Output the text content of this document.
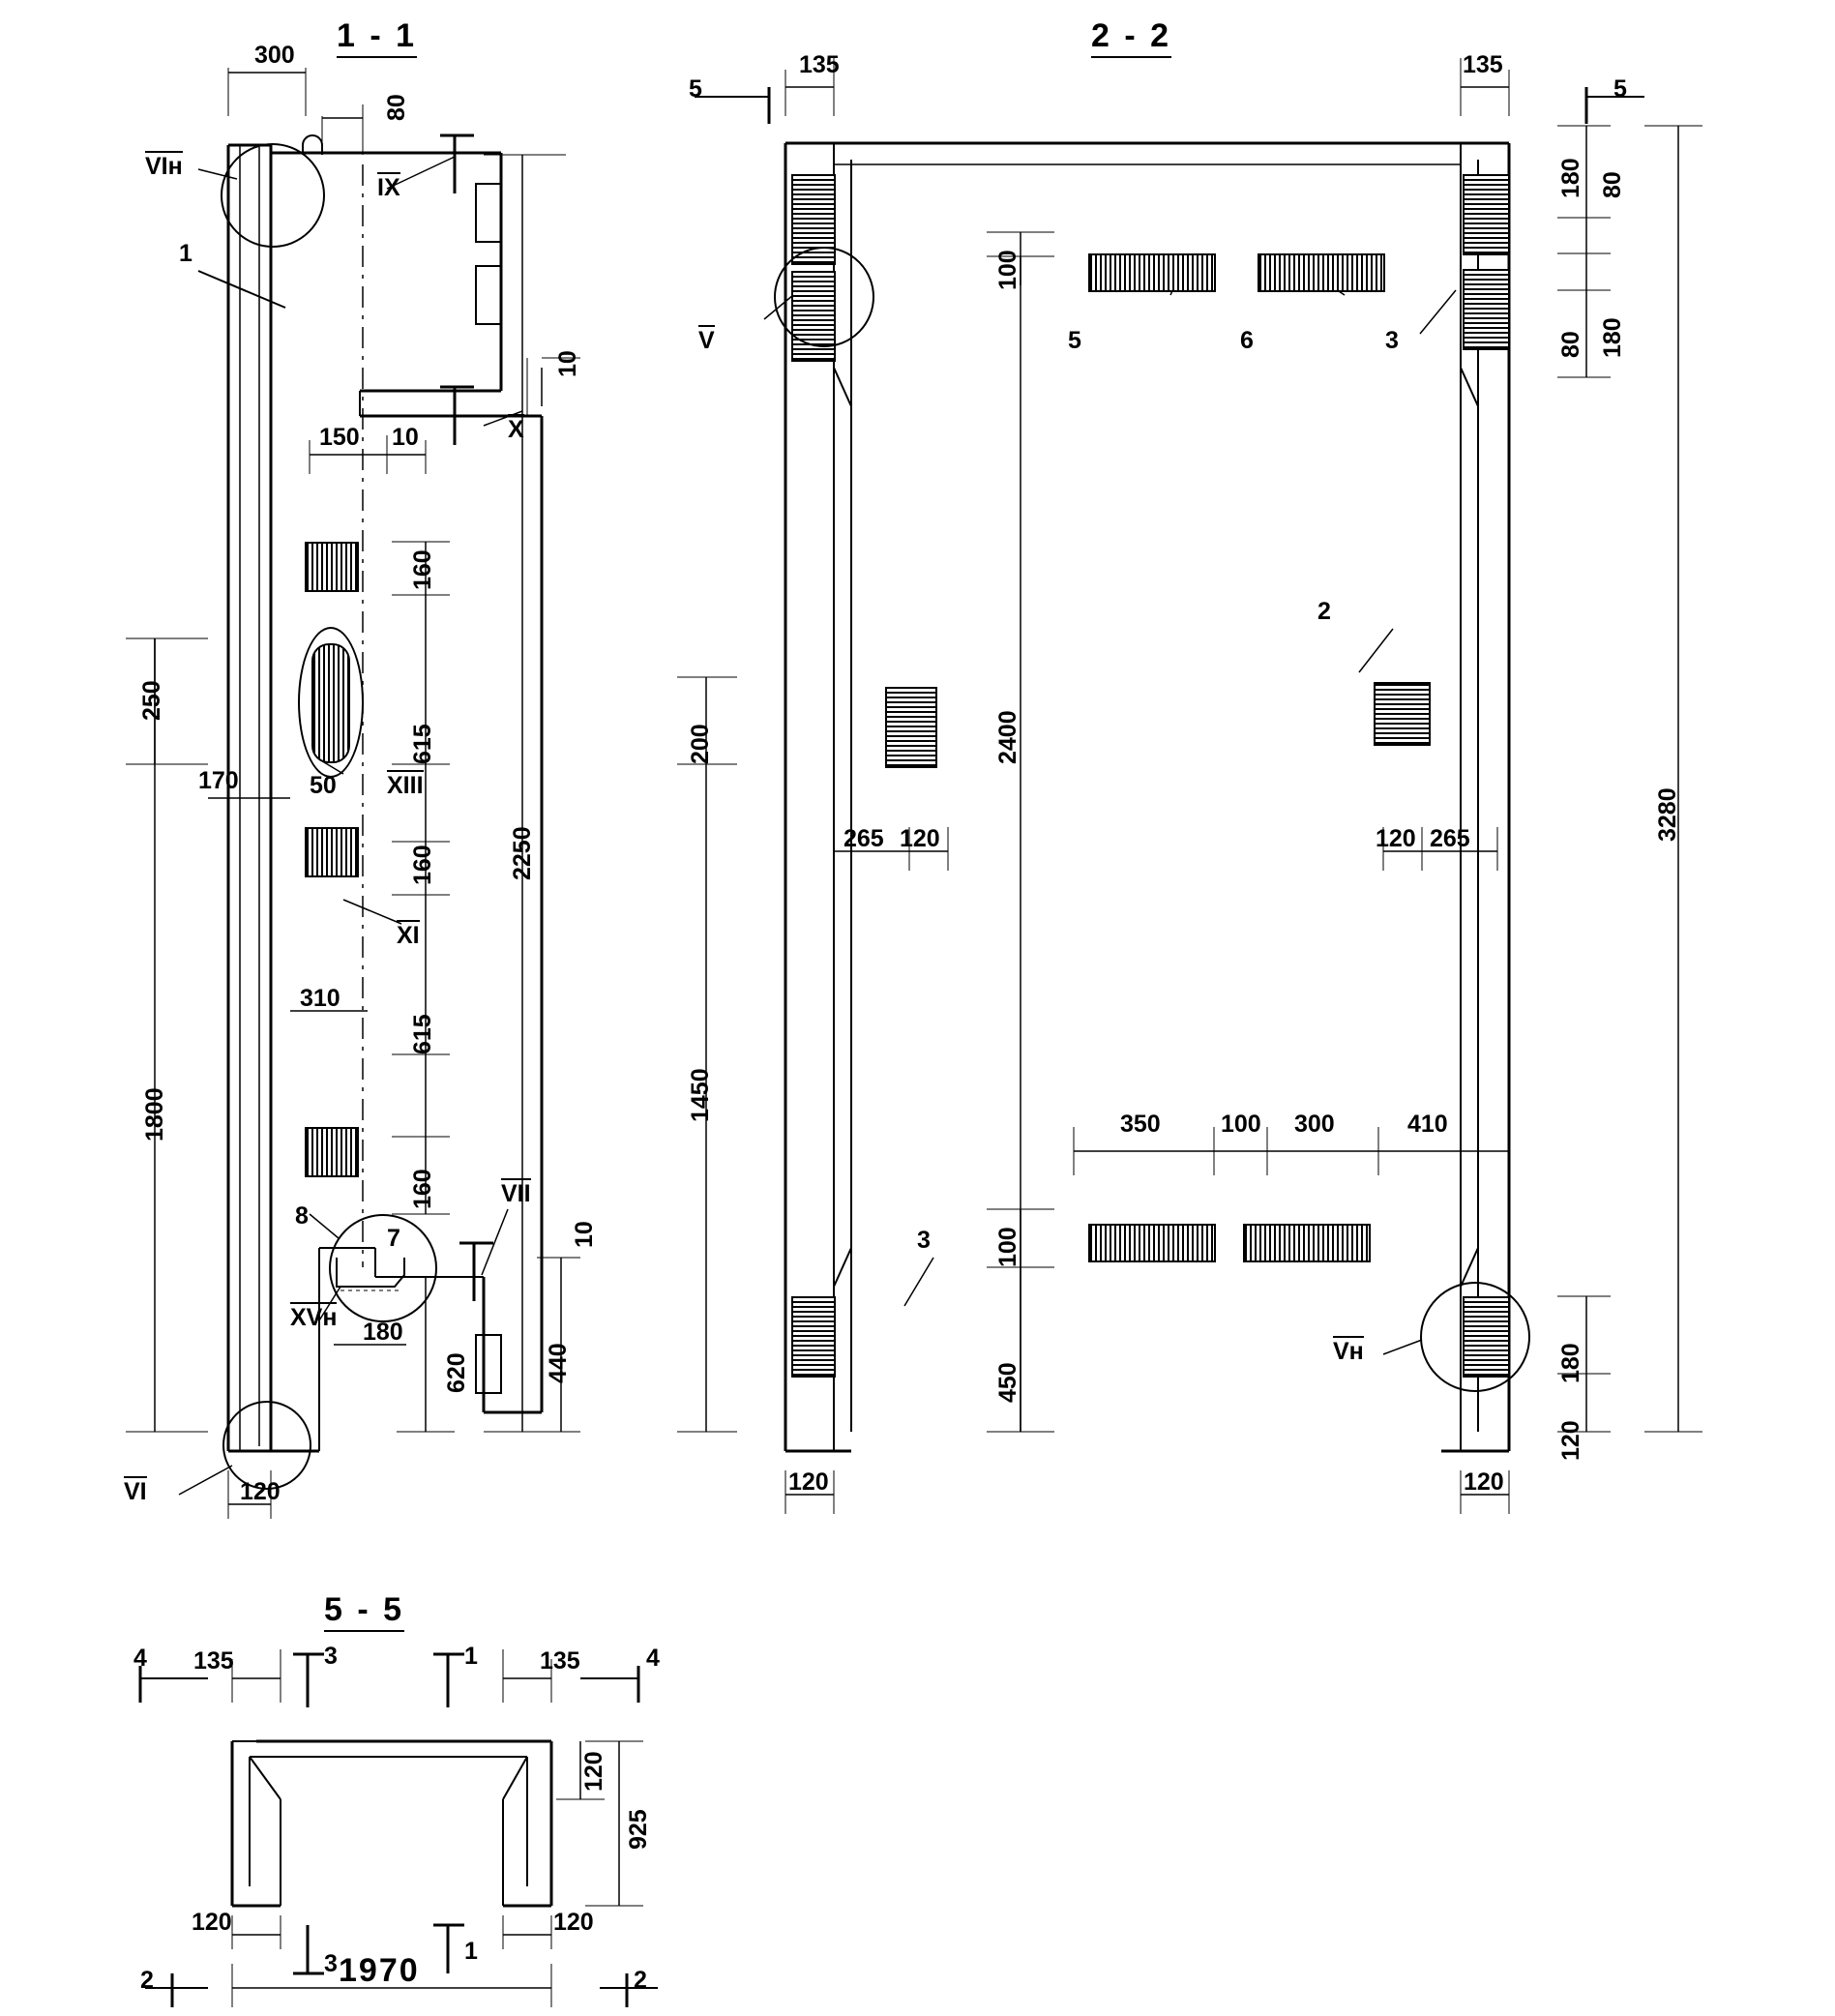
1 - 1
300
80
VIн
1
IX
X
10
150 10
250
170	50
310
160
615
160
615
160
2250
1800
XIII
XI
8
7
VII
XVн
180
620	440
10
VI	120
2 - 2
135	135
5	5
180 80
80 180
100
2400
200
1450
450
100
3280
265 120	120 265
350 100 300	410
180
120
120	120
V
Vн
5	6	3
3
2
5 - 5
135	135
4	4
3	1
3	1
120
925
120	120
1970
2	2
